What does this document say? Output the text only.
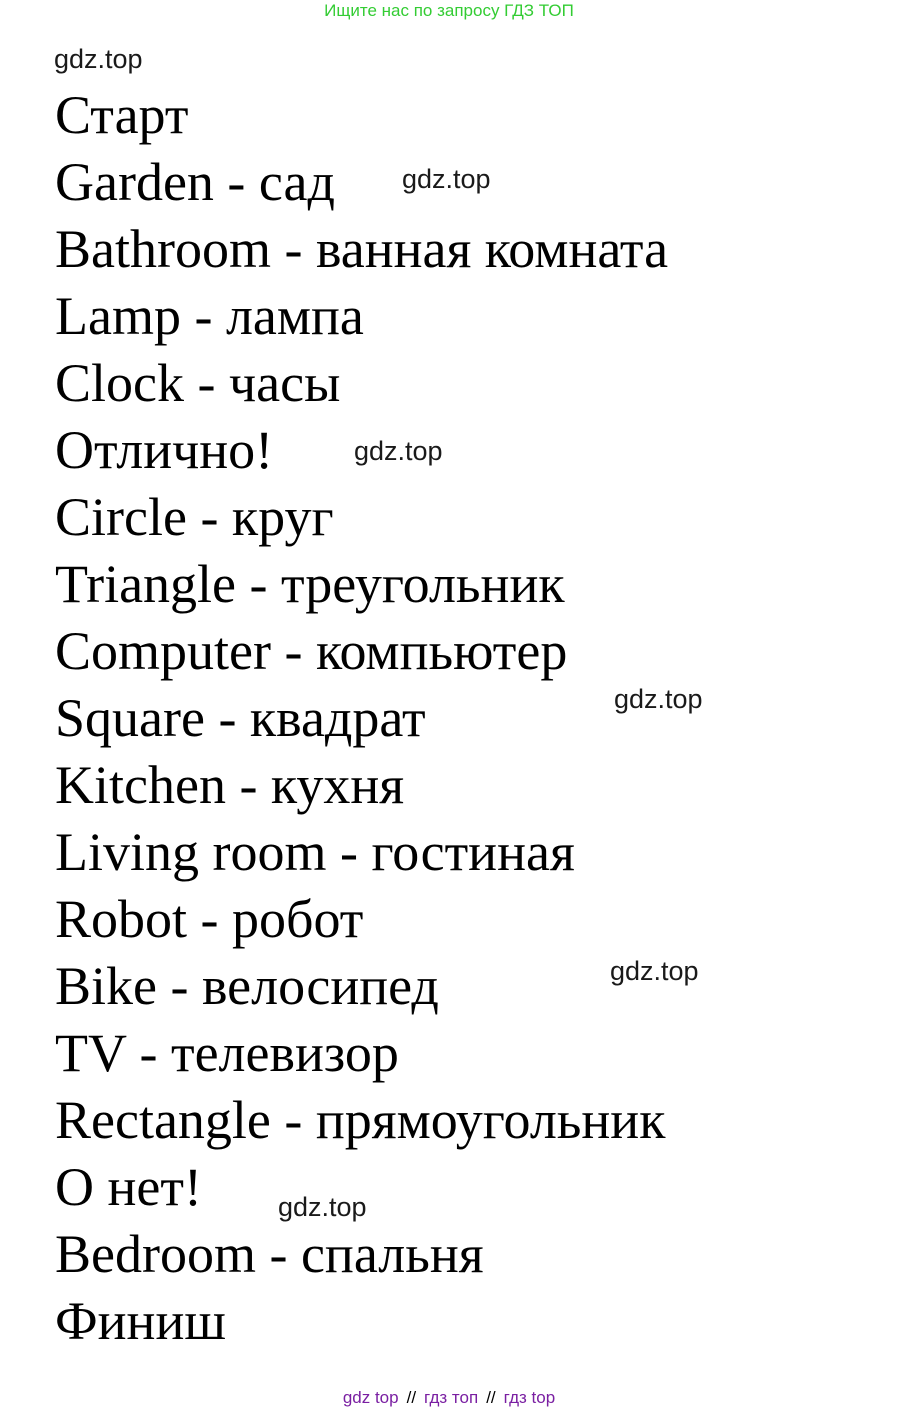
Ищите нас по запросу ГДЗ ТОП
gdz.top
gdz.top
gdz.top
gdz.top
gdz.top
gdz.top
Старт
Garden - сад
Bathroom - ванная комната
Lamp - лампа
Clock - часы
Отлично!
Circle - круг
Triangle - треугольник
Computer - компьютер
Square - квадрат
Kitchen - кухня
Living room - гостиная
Robot - робот
Bike - велосипед
TV - телевизор
Rectangle - прямоугольник
О нет!
Bedroom - спальня
Финиш
gdz top // гдз топ // гдз top
